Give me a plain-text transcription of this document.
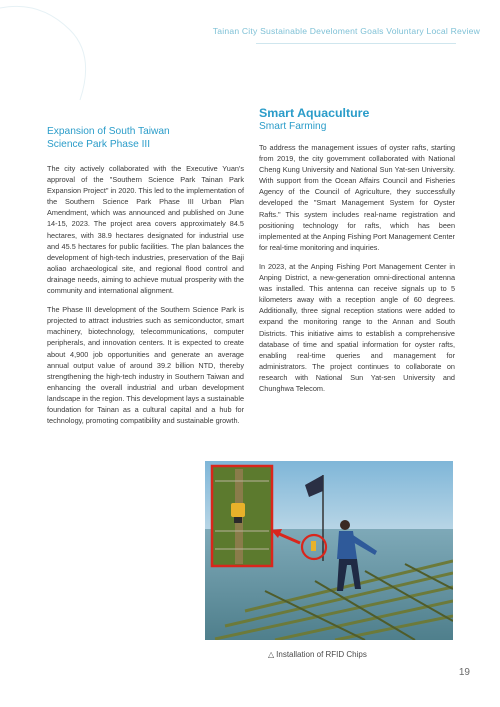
Tainan City Sustainable Develoment Goals Voluntary Local Review
Expansion of South Taiwan
Science Park Phase III

The city actively collaborated with the Executive Yuan's approval of the "Southern Science Park Tainan Park Expansion Project" in 2020. This led to the implementation of the Southern Science Park Phase III Urban Plan Amendment, which was announced and published on June 14-15, 2023. The project area covers approximately 84.5 hectares, with 38.9 hectares designated for industrial use and 45.5 hectares for public facilities. The plan balances the development of high-tech industries, preservation of the Baji aoliao archaeological site, and regional flood control and drainage needs, aiming to achieve mutual prosperity with the community and international alignment.

The Phase III development of the Southern Science Park is projected to attract industries such as semiconductor, smart machinery, biotechnology, telecommunications, computer peripherals, and innovation centers. It is expected to create about 4,900 job opportunities and generate an average annual output value of around 39.2 billion NTD, thereby strengthening the high-tech industry in Southern Taiwan and enhancing the overall industrial and urban development landscape in the region. This development lays a sustainable foundation for Tainan as a cultural capital and a hub for technology, promoting compatibility and sustainable growth.

Smart Aquaculture
Smart Farming

To address the management issues of oyster rafts, starting from 2019, the city government collaborated with National Cheng Kung University and National Sun Yat-sen University. With support from the Ocean Affairs Council and Fisheries Agency of the Council of Agriculture, they successfully developed the "Smart Management System for Oyster Rafts." This system includes real-name registration and positioning technology for rafts, which has been implemented at the Anping Fishing Port Management Center for real-time monitoring and inquiries.

In 2023, at the Anping Fishing Port Management Center in Anping District, a new-generation omni-directional antenna was installed. This antenna can receive signals up to 5 kilometers away with a reception angle of 60 degrees. Additionally, three signal reception stations were added to expand the monitoring range to the Annan and South Districts. This initiative aims to establish a comprehensive database of time and spatial information for oyster rafts, enabling real-time queries and management for administrators. The project continues to collaborate on research with National Sun Yat-sen University and Chunghwa Telecom.

△ Installation of RFID Chips
19
